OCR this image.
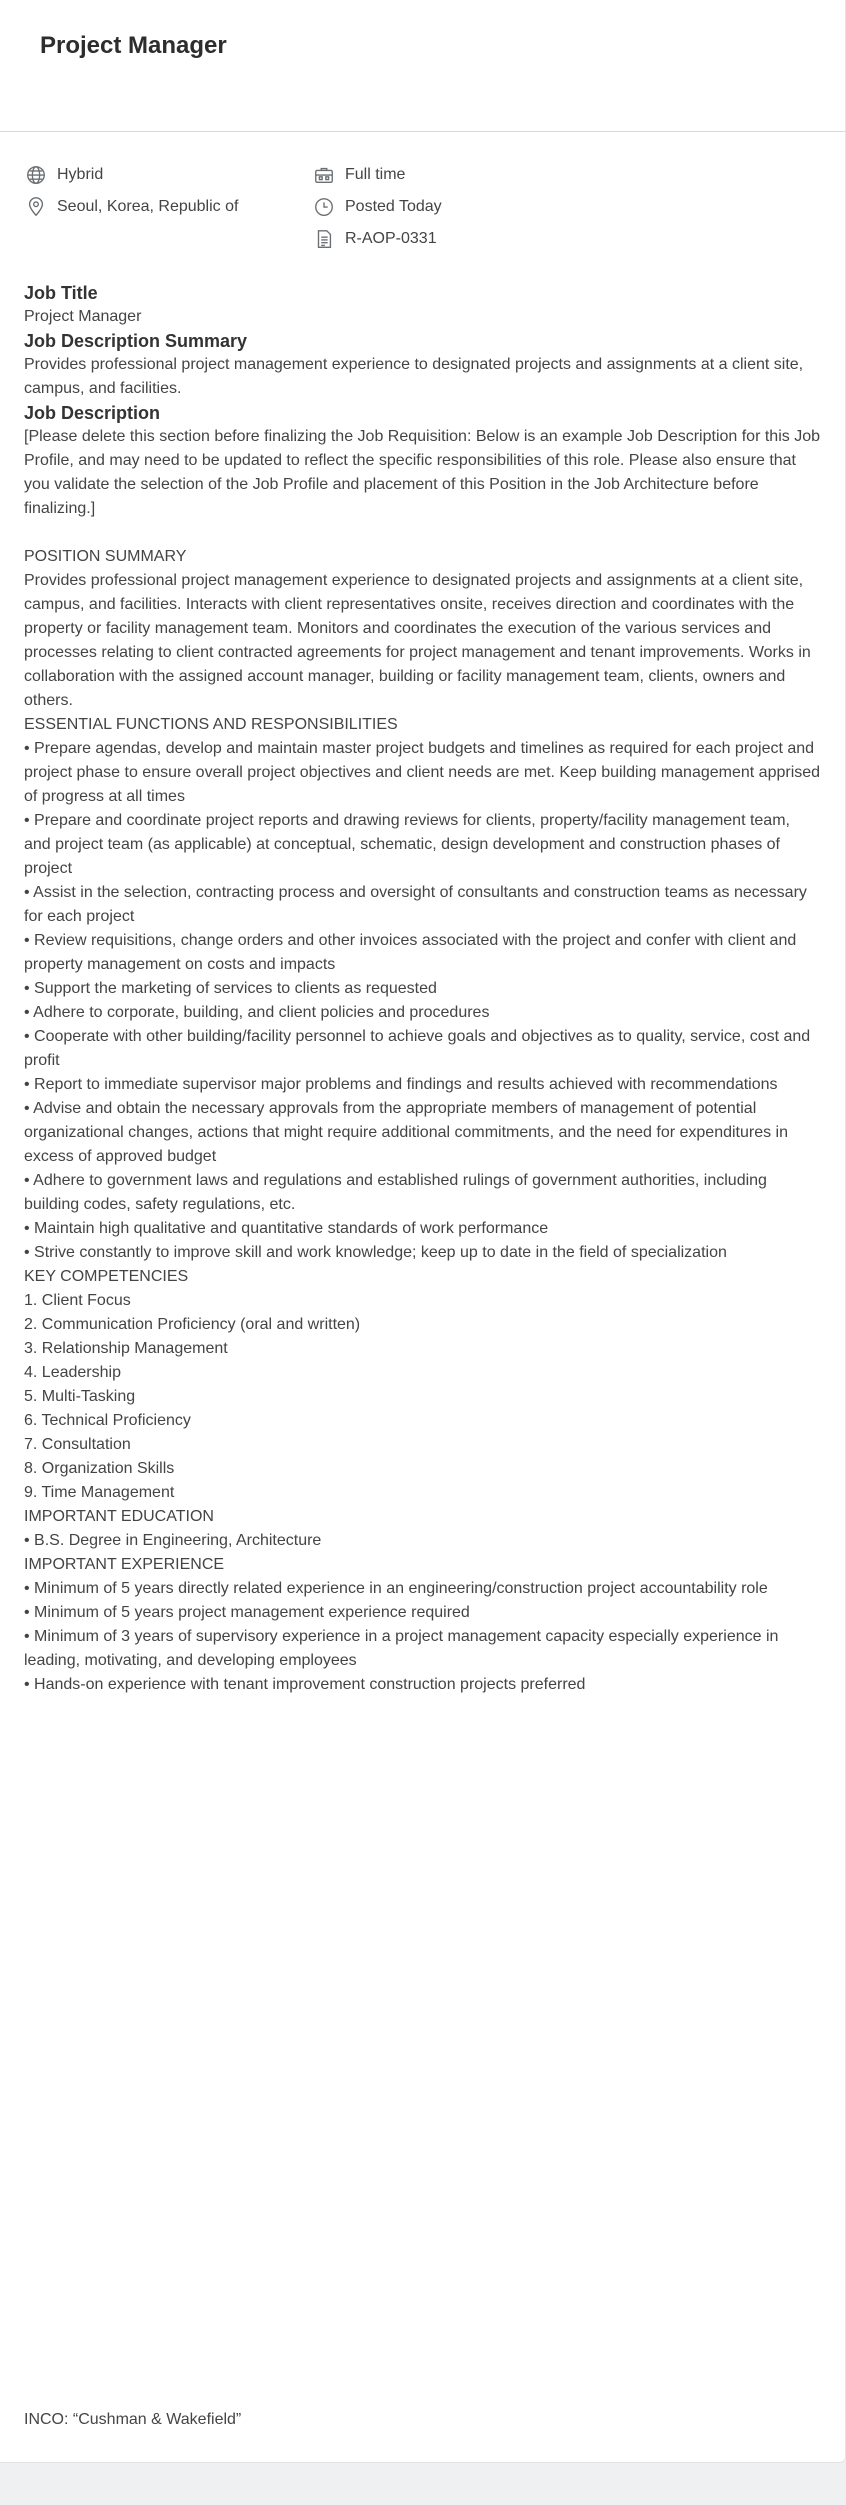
Project Manager
Hybrid
Seoul, Korea, Republic of
Full time
Posted Today
R-AOP-0331

Job Title

Project Manager

Job Description Summary

Provides professional project management experience to designated projects and assignments at a client site, campus, and facilities.

Job Description

[Please delete this section before finalizing the Job Requisition: Below is an example Job Description for this Job Profile, and may need to be updated to reflect the specific responsibilities of this role. Please also ensure that you validate the selection of the Job Profile and placement of this Position in the Job Architecture before finalizing.]

POSITION SUMMARY

Provides professional project management experience to designated projects and assignments at a client site, campus, and facilities. Interacts with client representatives onsite, receives direction and coordinates with the property or facility management team. Monitors and coordinates the execution of the various services and processes relating to client contracted agreements for project management and tenant improvements. Works in collaboration with the assigned account manager, building or facility management team, clients, owners and others.

ESSENTIAL FUNCTIONS AND RESPONSIBILITIES

• Prepare agendas, develop and maintain master project budgets and timelines as required for each project and project phase to ensure overall project objectives and client needs are met. Keep building management apprised of progress at all times

• Prepare and coordinate project reports and drawing reviews for clients, property/facility management team, and project team (as applicable) at conceptual, schematic, design development and construction phases of project

• Assist in the selection, contracting process and oversight of consultants and construction teams as necessary for each project

• Review requisitions, change orders and other invoices associated with the project and confer with client and property management on costs and impacts

• Support the marketing of services to clients as requested

• Adhere to corporate, building, and client policies and procedures

• Cooperate with other building/facility personnel to achieve goals and objectives as to quality, service, cost and profit

• Report to immediate supervisor major problems and findings and results achieved with recommendations

• Advise and obtain the necessary approvals from the appropriate members of management of potential organizational changes, actions that might require additional commitments, and the need for expenditures in excess of approved budget

• Adhere to government laws and regulations and established rulings of government authorities, including building codes, safety regulations, etc.

• Maintain high qualitative and quantitative standards of work performance

• Strive constantly to improve skill and work knowledge; keep up to date in the field of specialization

KEY COMPETENCIES

1. Client Focus

2. Communication Proficiency (oral and written)

3. Relationship Management

4. Leadership

5. Multi-Tasking

6. Technical Proficiency

7. Consultation

8. Organization Skills

9. Time Management

IMPORTANT EDUCATION

• B.S. Degree in Engineering, Architecture

IMPORTANT EXPERIENCE

• Minimum of 5 years directly related experience in an engineering/construction project accountability role

• Minimum of 5 years project management experience required

• Minimum of 3 years of supervisory experience in a project management capacity especially experience in leading, motivating, and developing employees

• Hands-on experience with tenant improvement construction projects preferred

INCO: “Cushman & Wakefield”
